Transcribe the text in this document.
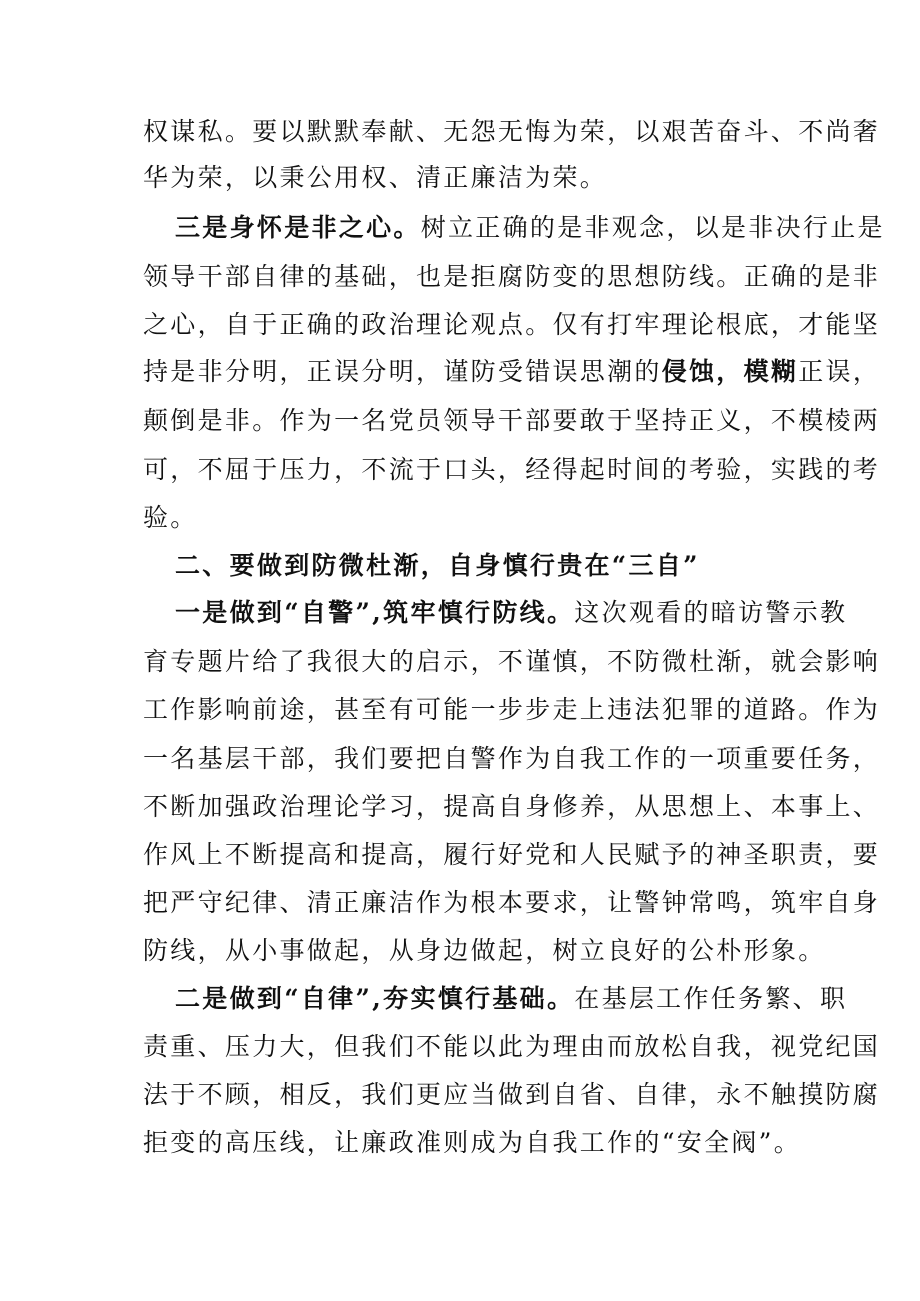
权谋私。要以默默奉献、无怨无悔为荣，以艰苦奋斗、不尚奢
华为荣，以秉公用权、清正廉洁为荣。
三是身怀是非之心。树立正确的是非观念，以是非决行止是
领导干部自律的基础，也是拒腐防变的思想防线。正确的是非
之心，自于正确的政治理论观点。仅有打牢理论根底，才能坚
持是非分明，正误分明，谨防受错误思潮的侵蚀，模糊正误，
颠倒是非。作为一名党员领导干部要敢于坚持正义，不模棱两
可，不屈于压力，不流于口头，经得起时间的考验，实践的考
验。
二、要做到防微杜渐，自身慎行贵在“三自”
一是做到“自警”,筑牢慎行防线。这次观看的暗访警示教
育专题片给了我很大的启示，不谨慎，不防微杜渐，就会影响
工作影响前途，甚至有可能一步步走上违法犯罪的道路。作为
一名基层干部，我们要把自警作为自我工作的一项重要任务，
不断加强政治理论学习，提高自身修养，从思想上、本事上、
作风上不断提高和提高，履行好党和人民赋予的神圣职责，要
把严守纪律、清正廉洁作为根本要求，让警钟常鸣，筑牢自身
防线，从小事做起，从身边做起，树立良好的公朴形象。
二是做到“自律”,夯实慎行基础。在基层工作任务繁、职
责重、压力大，但我们不能以此为理由而放松自我，视党纪国
法于不顾，相反，我们更应当做到自省、自律，永不触摸防腐
拒变的高压线，让廉政准则成为自我工作的“安全阀”。
